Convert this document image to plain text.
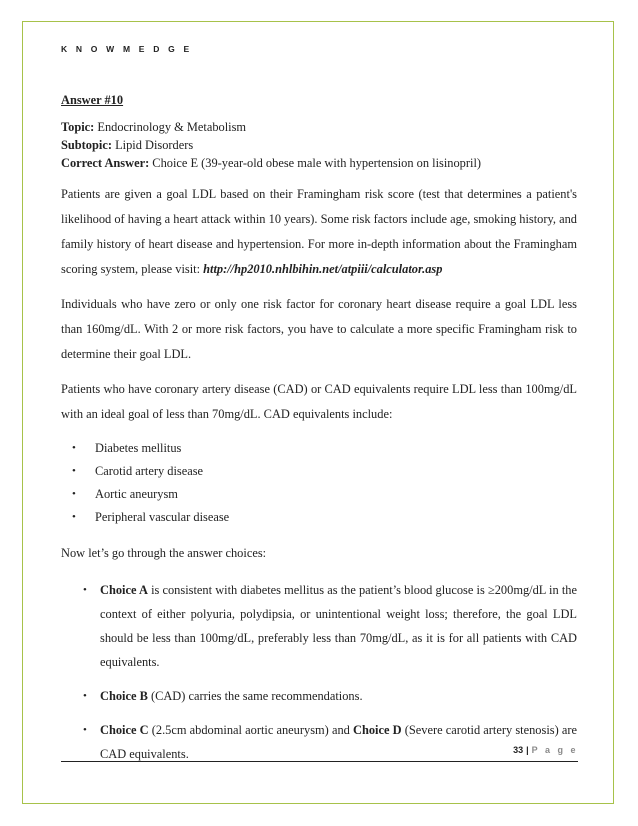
K N O W M E D G E

Answer #10

Topic: Endocrinology & Metabolism

Subtopic: Lipid Disorders

Correct Answer: Choice E (39-year-old obese male with hypertension on lisinopril)

Patients are given a goal LDL based on their Framingham risk score (test that determines a patient's likelihood of having a heart attack within 10 years). Some risk factors include age, smoking history, and family history of heart disease and hypertension. For more in-depth information about the Framingham scoring system, please visit: http://hp2010.nhlbihin.net/atpiii/calculator.asp

Individuals who have zero or only one risk factor for coronary heart disease require a goal LDL less than 160mg/dL. With 2 or more risk factors, you have to calculate a more specific Framingham risk to determine their goal LDL.

Patients who have coronary artery disease (CAD) or CAD equivalents require LDL less than 100mg/dL with an ideal goal of less than 70mg/dL. CAD equivalents include:

• Diabetes mellitus
• Carotid artery disease
• Aortic aneurysm
• Peripheral vascular disease

Now let’s go through the answer choices:

• Choice A is consistent with diabetes mellitus as the patient’s blood glucose is ≥200mg/dL in the context of either polyuria, polydipsia, or unintentional weight loss; therefore, the goal LDL should be less than 100mg/dL, preferably less than 70mg/dL, as it is for all patients with CAD equivalents.
• Choice B (CAD) carries the same recommendations.
• Choice C (2.5cm abdominal aortic aneurysm) and Choice D (Severe carotid artery stenosis) are CAD equivalents.	33 | P a g e
